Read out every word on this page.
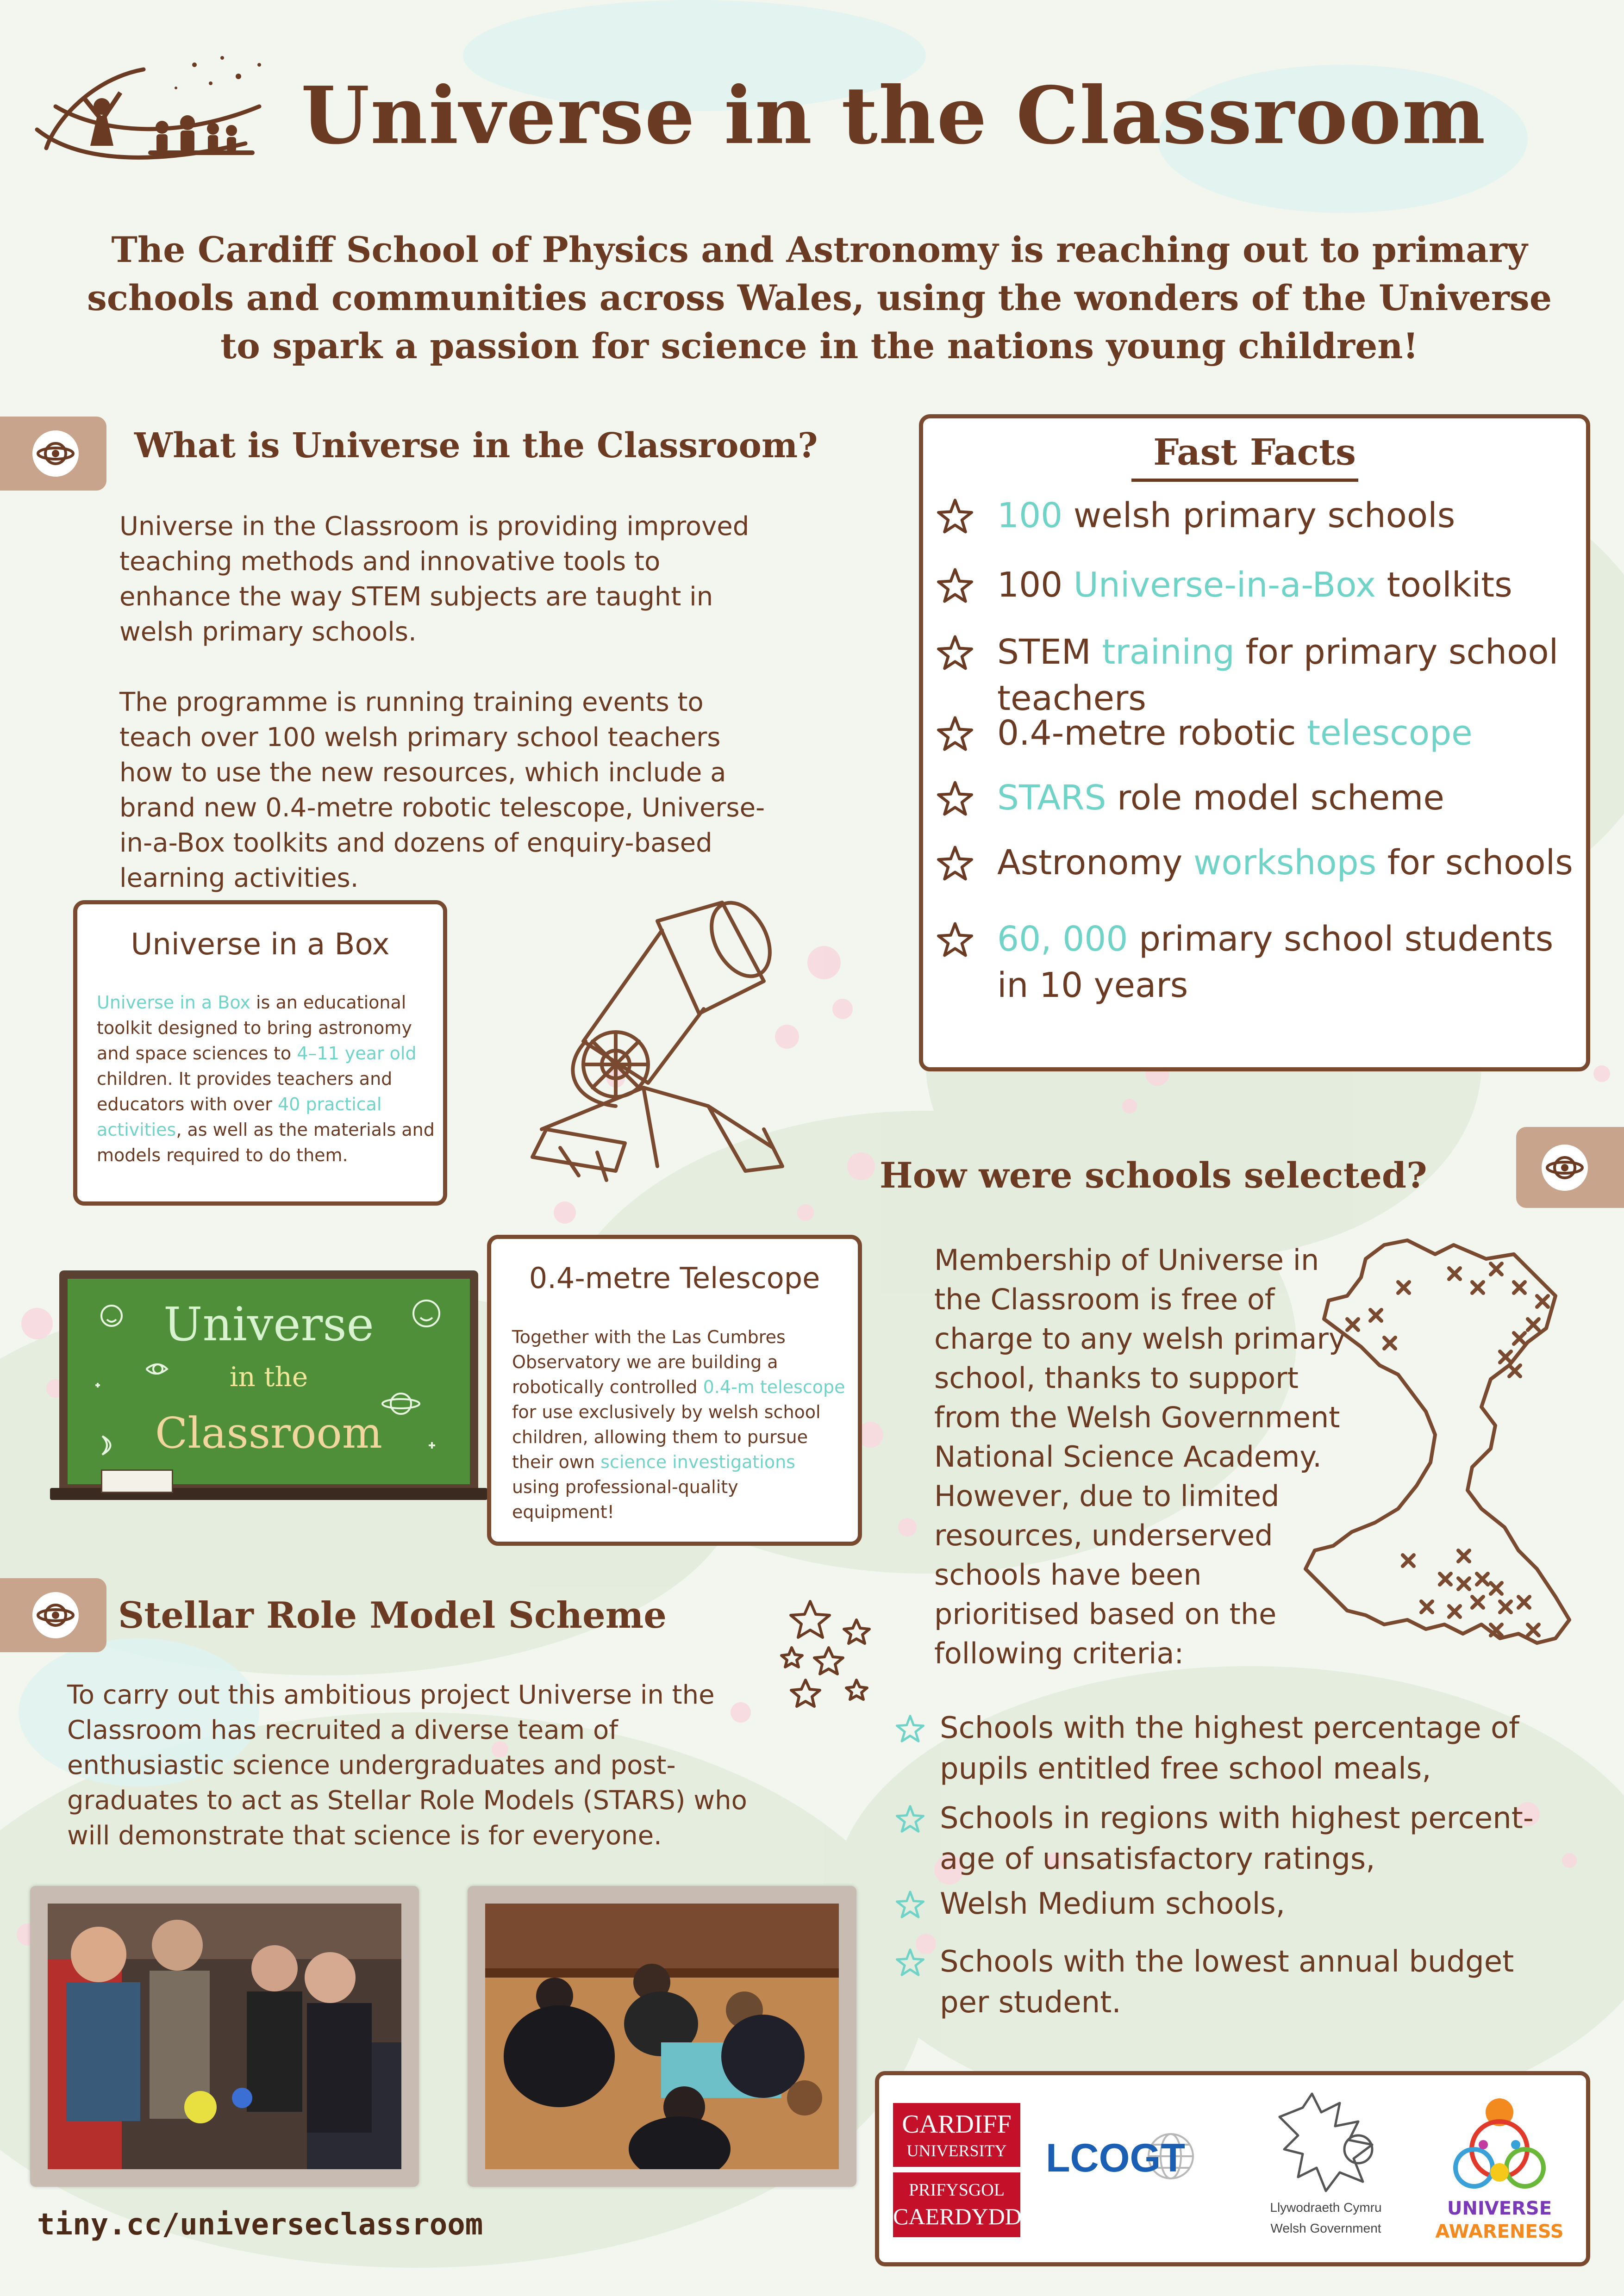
Universe in the Classroom
The Cardiff School of Physics and Astronomy is reaching out to primary schools and communities across Wales, using the wonders of the Universe to spark a passion for science in the nations young children!
What is Universe in the Classroom?
Universe in the Classroom is providing improved teaching methods and innovative tools to enhance the way STEM subjects are taught in welsh primary schools.
The programme is running training events to teach over 100 welsh primary school teachers how to use the new resources, which include a brand new 0.4-metre robotic telescope, Universe-in-a-Box toolkits and dozens of enquiry-based learning activities.
Fast Facts
100 welsh primary schools
100 Universe-in-a-Box toolkits
STEM training for primary school
teachers
0.4-metre robotic telescope
STARS role model scheme
Astronomy workshops for schools
60, 000 primary school students
in 10 years
Universe in a Box
Universe in a Box is an educational toolkit designed to bring astronomy and space sciences to 4–11 year old children. It provides teachers and educators with over 40 practical activities, as well as the materials and models required to do them.
Universe
in the
Classroom
0.4-metre Telescope
Together with the Las Cumbres Observatory we are building a robotically controlled 0.4-m telescope for use exclusively by welsh school children, allowing them to pursue their own science investigations using professional-quality equipment!
Stellar Role Model Scheme
To carry out this ambitious project Universe in the Classroom has recruited a diverse team of enthusiastic science undergraduates and post-graduates to act as Stellar Role Models (STARS) who will demonstrate that science is for everyone.
tiny.cc/universeclassroom
How were schools selected?
Membership of Universe in the Classroom is free of charge to any welsh primary school, thanks to support from the Welsh Government National Science Academy. However, due to limited resources, underserved schools have been prioritised based on the following criteria:
Schools with the highest percentage of pupils entitled free school meals,
Schools in regions with highest percent- age of unsatisfactory ratings,
Welsh Medium schools,
Schools with the lowest annual budget per student.
CARDIFF
UNIVERSITY
PRIFYSGOL
CAERDYDD
LCOGT
Llywodraeth Cymru
Welsh Government
UNIVERSE
AWARENESS
